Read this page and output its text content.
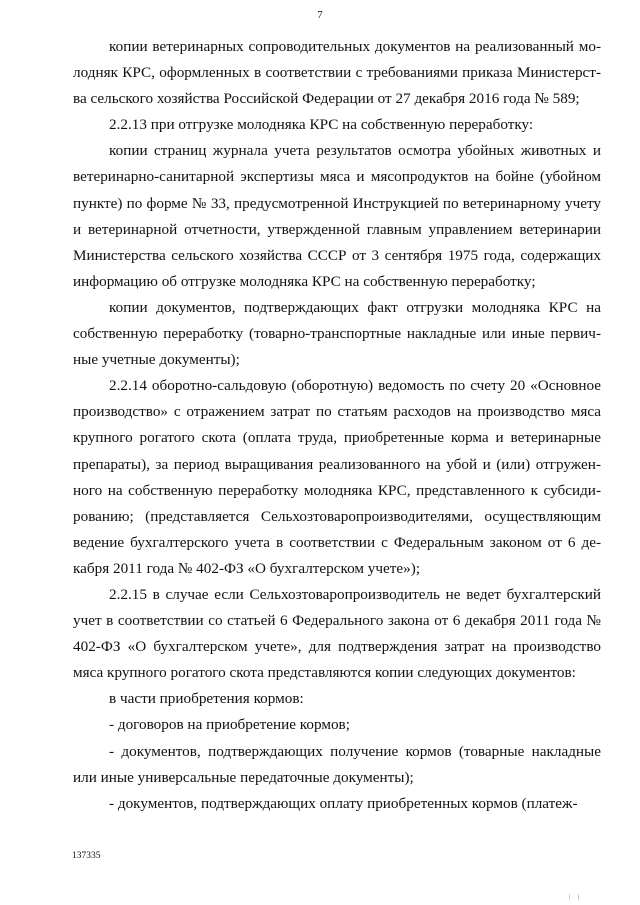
7

копии ветеринарных сопроводительных документов на реализованный молодняк КРС, оформленных в соответствии с требованиями приказа Министерства сельского хозяйства Российской Федерации от 27 декабря 2016 года № 589;

2.2.13 при отгрузке молодняка КРС на собственную переработку:

копии страниц журнала учета результатов осмотра убойных животных и ветеринарно-санитарной экспертизы мяса и мясопродуктов на бойне (убойном пункте) по форме № 33, предусмотренной Инструкцией по ветеринарному учету и ветеринарной отчетности, утвержденной главным управлением ветеринарии Министерства сельского хозяйства СССР от 3 сентября 1975 года, содержащих информацию об отгрузке молодняка КРС на собственную переработку;

копии документов, подтверждающих факт отгрузки молодняка КРС на собственную переработку (товарно-транспортные накладные или иные первичные учетные документы);

2.2.14 оборотно-сальдовую (оборотную) ведомость по счету 20 «Основное производство» с отражением затрат по статьям расходов на производство мяса крупного рогатого скота (оплата труда, приобретенные корма и ветеринарные препараты), за период выращивания реализованного на убой и (или) отгруженного на собственную переработку молодняка КРС, представленного к субсидированию; (представляется Сельхозтоваропроизводителями, осуществляющим ведение бухгалтерского учета в соответствии с Федеральным законом от 6 декабря 2011 года № 402-ФЗ «О бухгалтерском учете»);

2.2.15 в случае если Сельхозтоваропроизводитель не ведет бухгалтерский учет в соответствии со статьей 6 Федерального закона от 6 декабря 2011 года № 402-ФЗ «О бухгалтерском учете», для подтверждения затрат на производство мяса крупного рогатого скота представляются копии следующих документов:

в части приобретения кормов:

- договоров на приобретение кормов;

- документов, подтверждающих получение кормов (товарные накладные или иные универсальные передаточные документы);

- документов, подтверждающих оплату приобретенных кормов (платеж-

137335
| |
